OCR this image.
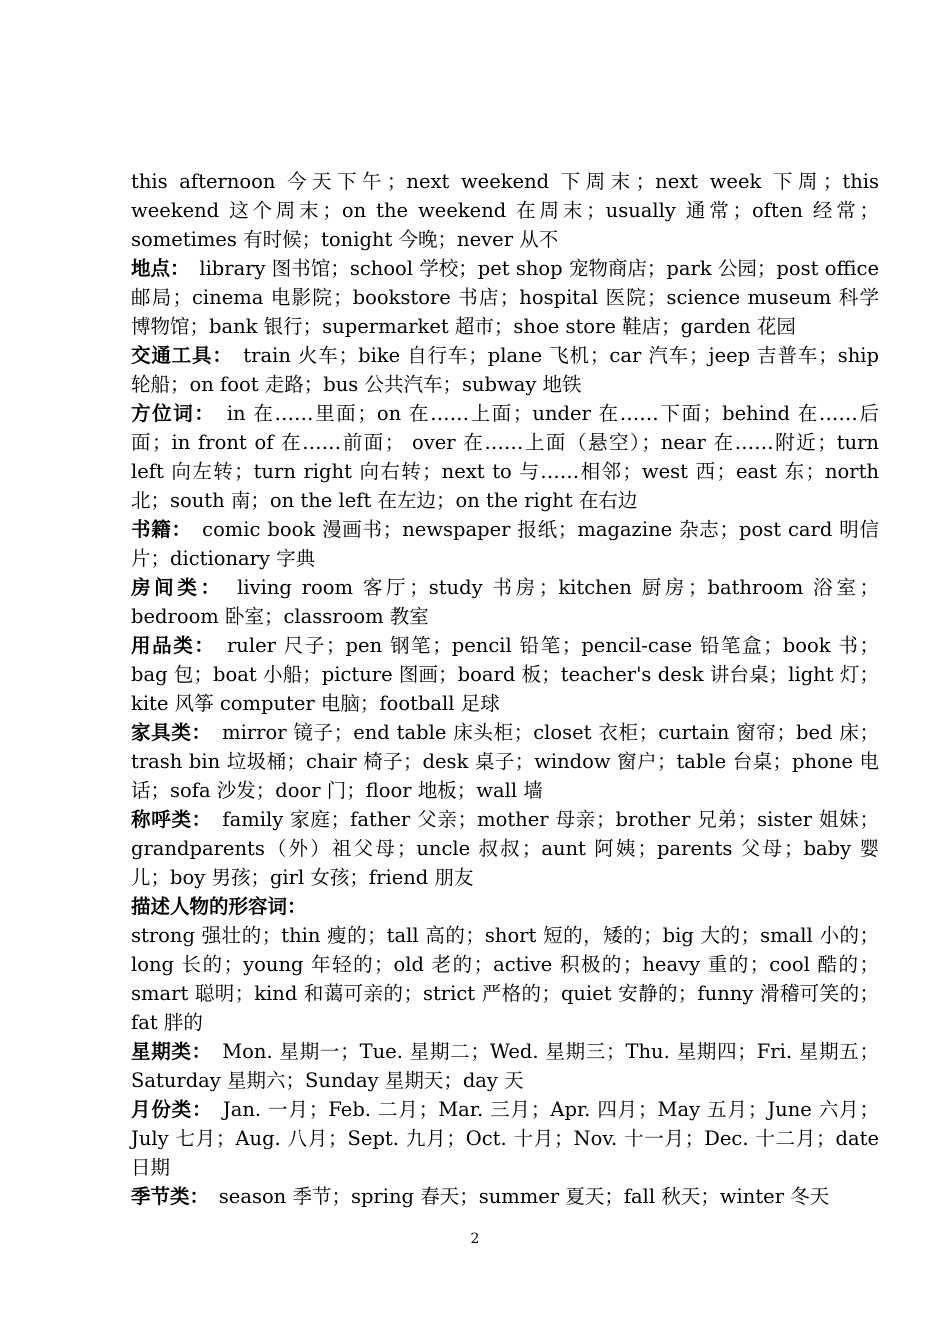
this afternoon 今天下午；next weekend 下周末；next week 下周；this weekend 这个周末；on the weekend 在周末；usually 通常；often 经常；sometimes 有时候；tonight 今晚；never 从不

地点：　library 图书馆；school 学校；pet shop 宠物商店；park 公园；post office 邮局；cinema 电影院；bookstore 书店；hospital 医院；science museum 科学博物馆；bank 银行；supermarket 超市；shoe store 鞋店；garden 花园

交通工具：　train 火车；bike 自行车；plane 飞机；car 汽车；jeep 吉普车；ship 轮船；on foot 走路；bus 公共汽车；subway 地铁

方位词：　in 在……里面；on 在……上面；under 在……下面；behind 在……后面；in front of 在……前面； over 在……上面（悬空）；near 在……附近；turn left 向左转；turn right 向右转；next to 与……相邻；west 西；east 东；north 北；south 南；on the left 在左边；on the right 在右边

书籍：　comic book 漫画书；newspaper 报纸；magazine 杂志；post card 明信片；dictionary 字典

房间类：　living room 客厅；study 书房；kitchen 厨房；bathroom 浴室；bedroom 卧室；classroom 教室

用品类：　ruler 尺子；pen 钢笔；pencil 铅笔；pencil-case 铅笔盒；book 书；bag 包；boat 小船；picture 图画；board 板；teacher's desk 讲台桌；light 灯；kite 风筝 computer 电脑；football 足球

家具类：　mirror 镜子；end table 床头柜；closet 衣柜；curtain 窗帘；bed 床；trash bin 垃圾桶；chair 椅子；desk 桌子；window 窗户；table 台桌；phone 电话；sofa 沙发；door 门；floor 地板；wall 墙

称呼类：　family 家庭；father 父亲；mother 母亲；brother 兄弟；sister 姐妹；grandparents（外）祖父母；uncle 叔叔；aunt 阿姨；parents 父母；baby 婴儿；boy 男孩；girl 女孩；friend 朋友

描述人物的形容词：

strong 强壮的；thin 瘦的；tall 高的；short 短的，矮的；big 大的；small 小的；long 长的；young 年轻的；old 老的；active 积极的；heavy 重的；cool 酷的；smart 聪明；kind 和蔼可亲的；strict 严格的；quiet 安静的；funny 滑稽可笑的；fat 胖的

星期类：　Mon. 星期一；Tue. 星期二；Wed. 星期三；Thu. 星期四；Fri. 星期五；Saturday 星期六；Sunday 星期天；day 天

月份类：　Jan. 一月；Feb. 二月；Mar. 三月；Apr. 四月；May 五月；June 六月；July 七月；Aug. 八月；Sept. 九月；Oct. 十月；Nov. 十一月；Dec. 十二月；date 日期

季节类：　season 季节；spring 春天；summer 夏天；fall 秋天；winter 冬天

2
